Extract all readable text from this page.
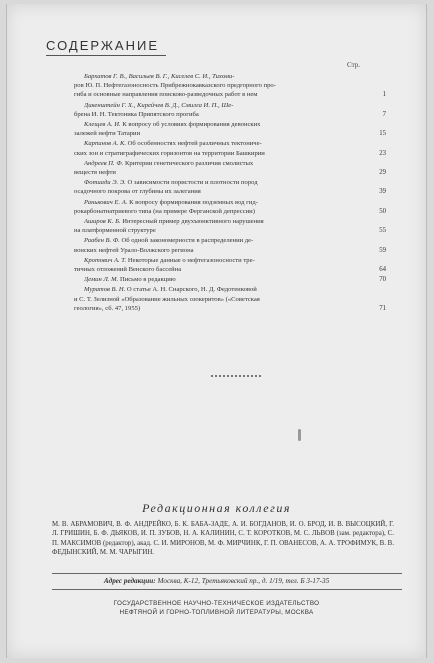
СОДЕРЖАНИЕ
Стр.
Бархатов Г. В., Васильев В. Г., Киселев С. И., Тихоми-
ров Ю. П. Нефтегазоносность Прибрежнокавказского предгорного про-
гиба и основные направления поисково-разведочных работ в нем	1
Дикенштейн Г. Х., Кирейчев В. Д., Смилга И. П., Ше-
брена И. Н. Тектоника Припятского прогиба	7
Клещев А. И. К вопросу об условиях формирования девонских
залежей нефти Татарии	15
Карпинов А. К. Об особенностях нефтей различных тектониче-
ских зон и стратиграфических горизонтов на территории Башкирии	23
Андреев П. Ф. Критерии генетического различия смолистых
веществ нефти	29
Фотиади Э. Э. О зависимости пористости и плотности пород
осадочного покрова от глубины их залегания	39
Ранькович Е. А. К вопросу формирования подземных вод гид-
рокарбонатнатриевого типа (на примере Ферганской депрессии)	50
Аширов К. Б. Интересный пример двухъюнктивного нарушения
на платформенной структуре	55
Раабен В. Ф. Об одной закономерности в распределении де-
вонских нефтей Урало-Волжского региона	59
Кротович А. Т. Некоторые данные о нефтегазоносности тре-
тичных отложений Венского бассейна	64
Демин Л. М. Письмо в редакцию	70
Муратов В. Н. О статье А. Н. Снарского, Н. Д. Федотенковой
и С. Т. Зелизной «Образование жильных озокеритов» («Советская
геология», сб. 47, 1955)	71
Редакционная коллегия
М. В. АБРАМОВИЧ, В. Ф. АНДРЕЙКО, Б. К. БАБА-ЗАДЕ, А. И. БОГДАНОВ, И. О. БРОД, И. В. ВЫСОЦКИЙ, Г. Л. ГРИШИН, Б. Ф. ДЬЯКОВ, И. П. ЗУБОВ, Н. А. КАЛИНИН, С. Т. КОРОТКОВ, М. С. ЛЬВОВ (зам. редактора), С. П. МАКСИМОВ (редактор), акад. С. И. МИРОНОВ, М. Ф. МИРЧИНК, Г. П. ОВАНЕСОВ, А. А. ТРОФИМУК, В. В. ФЕДЫНСКИЙ, М. М. ЧАРЫГИН.
Адрес редакции: Москва, К-12, Третьяковский пр., д. 1/19, тел. Б 3-17-35
ГОСУДАРСТВЕННОЕ НАУЧНО-ТЕХНИЧЕСКОЕ ИЗДАТЕЛЬСТВО
НЕФТЯНОЙ И ГОРНО-ТОПЛИВНОЙ ЛИТЕРАТУРЫ, МОСКВА
